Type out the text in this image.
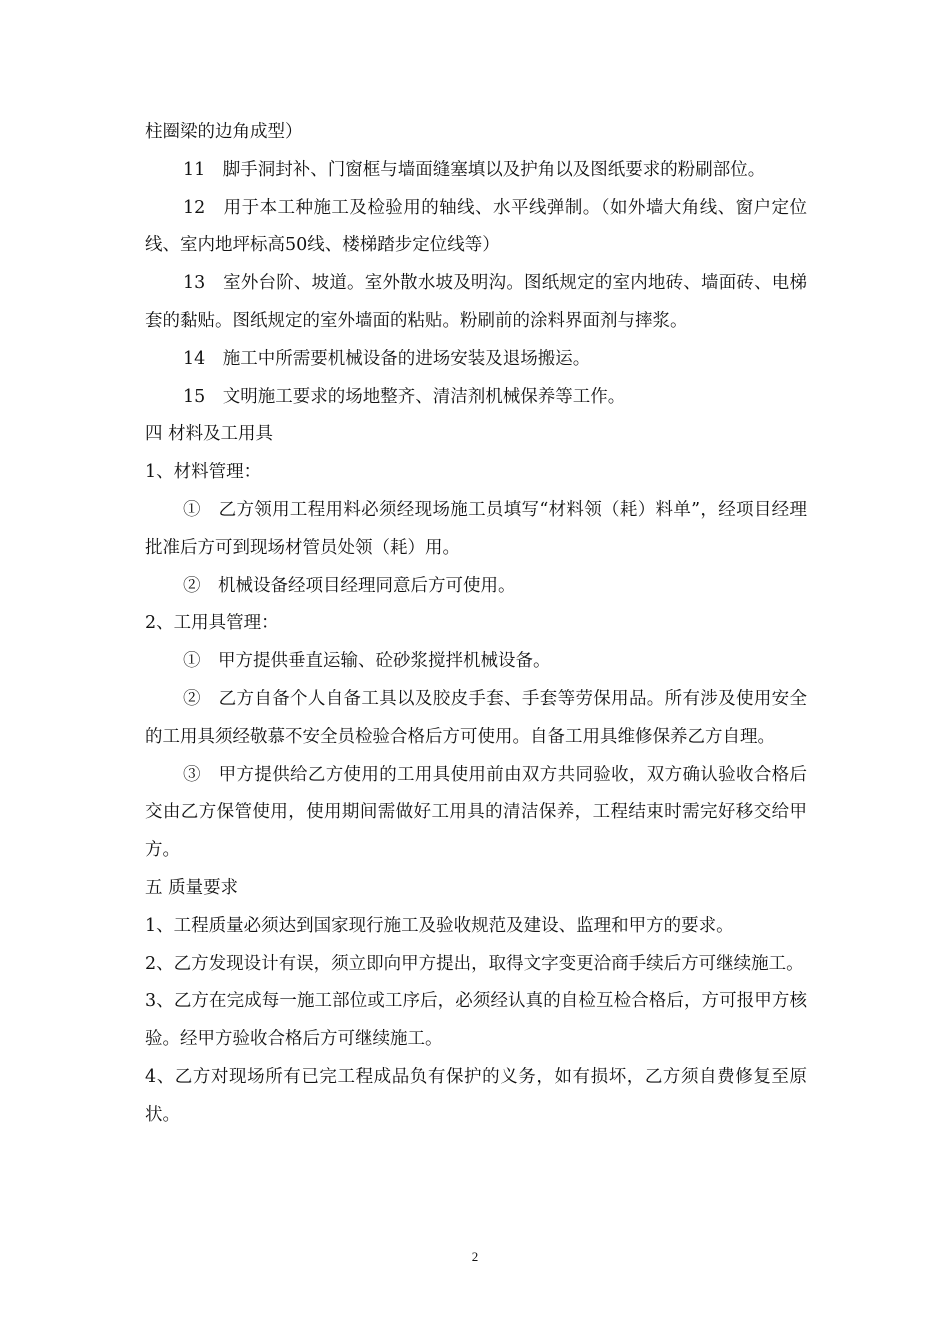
柱圈梁的边角成型）

11　脚手洞封补、门窗框与墙面缝塞填以及护角以及图纸要求的粉刷部位。

12　用于本工种施工及检验用的轴线、水平线弹制。（如外墙大角线、窗户定位线、室内地坪标高50线、楼梯踏步定位线等）

13　室外台阶、坡道。室外散水坡及明沟。图纸规定的室内地砖、墙面砖、电梯套的黏贴。图纸规定的室外墙面的粘贴。粉刷前的涂料界面剂与摔浆。

14　施工中所需要机械设备的进场安装及退场搬运。

15　文明施工要求的场地整齐、清洁剂机械保养等工作。

四 材料及工用具

1、材料管理：

①　乙方领用工程用料必须经现场施工员填写“材料领（耗）料单”，经项目经理批准后方可到现场材管员处领（耗）用。

②　机械设备经项目经理同意后方可使用。

2、工用具管理：

①　甲方提供垂直运输、砼砂浆搅拌机械设备。

②　乙方自备个人自备工具以及胶皮手套、手套等劳保用品。所有涉及使用安全的工用具须经敬慕不安全员检验合格后方可使用。自备工用具维修保养乙方自理。

③　甲方提供给乙方使用的工用具使用前由双方共同验收，双方确认验收合格后交由乙方保管使用，使用期间需做好工用具的清洁保养，工程结束时需完好移交给甲方。

五 质量要求

1、工程质量必须达到国家现行施工及验收规范及建设、监理和甲方的要求。

2、乙方发现设计有误，须立即向甲方提出，取得文字变更洽商手续后方可继续施工。

3、乙方在完成每一施工部位或工序后，必须经认真的自检互检合格后，方可报甲方核验。经甲方验收合格后方可继续施工。

4、乙方对现场所有已完工程成品负有保护的义务，如有损坏，乙方须自费修复至原状。

2
